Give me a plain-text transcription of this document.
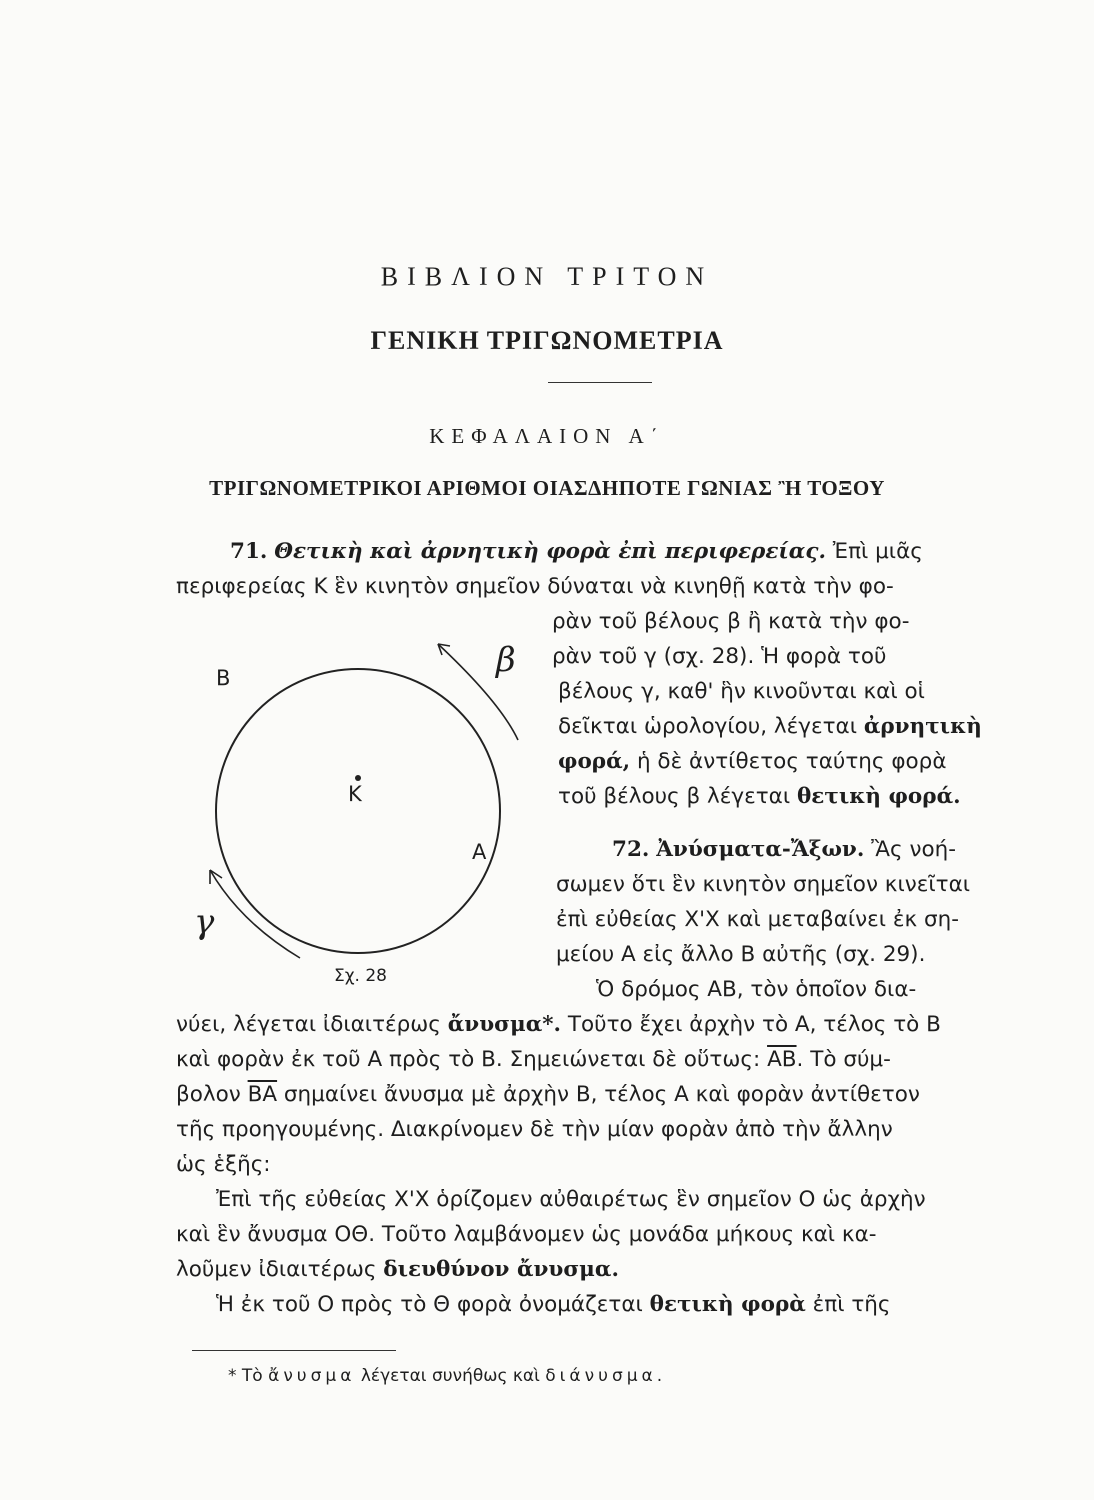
ΒΙΒΛΙΟΝ ΤΡΙΤΟΝ
ΓΕΝΙΚΗ ΤΡΙΓΩΝΟΜΕΤΡΙΑ
ΚΕΦΑΛΑΙΟΝ Α΄
ΤΡΙΓΩΝΟΜΕΤΡΙΚΟΙ ΑΡΙΘΜΟΙ ΟΙΑΣΔΗΠΟΤΕ ΓΩΝΙΑΣ Ἢ ΤΟΞΟΥ
71. Θετικὴ καὶ ἀρνητικὴ φορὰ ἐπὶ περιφερείας. Ἐπὶ μιᾶς
περιφερείας Κ ἓν κινητὸν σημεῖον δύναται νὰ κινηθῇ κατὰ τὴν φο-
ρὰν τοῦ βέλους β ἢ κατὰ τὴν φο-
ρὰν τοῦ γ (σχ. 28). Ἡ φορὰ τοῦ
βέλους γ, καθ' ἣν κινοῦνται καὶ οἱ
δεῖκται ὡρολογίου, λέγεται ἀρνητικὴ
φορά, ἡ δὲ ἀντίθετος ταύτης φορὰ
τοῦ βέλους β λέγεται θετικὴ φορά.
Β
Κ
Α
β
γ
Σχ. 28
72. Ἀνύσματα-Ἄξων. Ἂς νοή-
σωμεν ὅτι ἓν κινητὸν σημεῖον κινεῖται
ἐπὶ εὐθείας Χ'Χ καὶ μεταβαίνει ἐκ ση-
μείου Α εἰς ἄλλο Β αὐτῆς (σχ. 29).
Ὁ δρόμος ΑΒ, τὸν ὁποῖον δια-
νύει, λέγεται ἰδιαιτέρως ἄνυσμα*. Τοῦτο ἔχει ἀρχὴν τὸ Α, τέλος τὸ Β
καὶ φορὰν ἐκ τοῦ Α πρὸς τὸ Β. Σημειώνεται δὲ οὕτως: $\overline{AB}$. Τὸ σύμ-
βολον $\overline{BA}$ σημαίνει ἄνυσμα μὲ ἀρχὴν Β, τέλος Α καὶ φορὰν ἀντίθετον
τῆς προηγουμένης. Διακρίνομεν δὲ τὴν μίαν φορὰν ἀπὸ τὴν ἄλλην
ὡς ἑξῆς:
Ἐπὶ τῆς εὐθείας Χ'Χ ὁρίζομεν αὐθαιρέτως ἓν σημεῖον Ο ὡς ἀρχὴν
καὶ ἓν ἄνυσμα ΟΘ. Τοῦτο λαμβάνομεν ὡς μονάδα μήκους καὶ κα-
λοῦμεν ἰδιαιτέρως διευθύνον ἄνυσμα.
Ἡ ἐκ τοῦ Ο πρὸς τὸ Θ φορὰ ὀνομάζεται θετικὴ φορὰ ἐπὶ τῆς
* Τὸ ἄνυσμα λέγεται συνήθως καὶ διάνυσμα.
